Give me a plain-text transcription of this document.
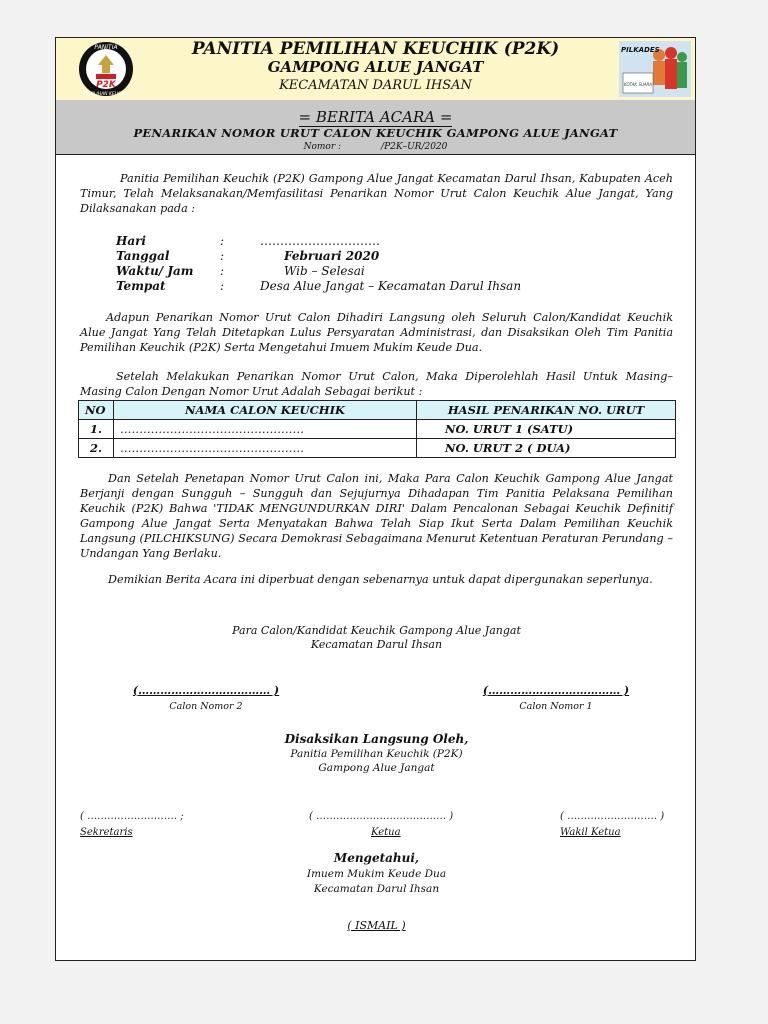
P2K
PANITIA
PEMILIHAN KEUCHIK
PANITIA PEMILIHAN KEUCHIK (P2K)
GAMPONG ALUE JANGAT
KECAMATAN DARUL IHSAN
PILKADES
KOTAK SUARA
= BERITA ACARA =
PENARIKAN NOMOR URUT CALON KEUCHIK GAMPONG ALUE JANGAT
Nomor :	/P2K–UR/2020
Panitia Pemilihan Keuchik (P2K) Gampong Alue Jangat Kecamatan Darul Ihsan, Kabupaten Aceh Timur, Telah Melaksanakan/Memfasilitasi Penarikan Nomor Urut Calon Keuchik Alue Jangat, Yang Dilaksanakan pada :
Hari	:	…………………………
Tanggal	:	Februari 2020
Waktu/ Jam :	Wib – Selesai
Tempat	:	Desa Alue Jangat – Kecamatan Darul Ihsan
Adapun Penarikan Nomor Urut Calon Dihadiri Langsung oleh Seluruh Calon/Kandidat Keuchik Alue Jangat Yang Telah Ditetapkan Lulus Persyaratan Administrasi, dan Disaksikan Oleh Tim Panitia Pemilihan Keuchik (P2K) Serta Mengetahui Imuem Mukim Keude Dua.
Setelah Melakukan Penarikan Nomor Urut Calon, Maka Diperolehlah Hasil Untuk Masing–Masing Calon Dengan Nomor Urut Adalah Sebagai berikut :
NO	NAMA CALON KEUCHIK	HASIL PENARIKAN NO. URUT
1.	…………………………………………	NO. URUT 1 (SATU)
2.	…………………………………………	NO. URUT 2 ( DUA)
Dan Setelah Penetapan Nomor Urut Calon ini, Maka Para Calon Keuchik Gampong Alue Jangat Berjanji dengan Sungguh – Sungguh dan Sejujurnya Dihadapan Tim Panitia Pelaksana Pemilihan Keuchik (P2K) Bahwa 'TIDAK MENGUNDURKAN DIRI' Dalam Pencalonan Sebagai Keuchik Definitif Gampong Alue Jangat Serta Menyatakan Bahwa Telah Siap Ikut Serta Dalam Pemilihan Keuchik Langsung (PILCHIKSUNG) Secara Demokrasi Sebagaimana Menurut Ketentuan Peraturan Perundang – Undangan Yang Berlaku.
Demikian Berita Acara ini diperbuat dengan sebenarnya untuk dapat dipergunakan seperlunya.
Para Calon/Kandidat Keuchik Gampong Alue Jangat
Kecamatan Darul Ihsan
(……………………………… )
Calon Nomor 2
(……………………………… )
Calon Nomor 1
Disaksikan Langsung Oleh,
Panitia Pemilihan Keuchik (P2K)
Gampong Alue Jangat
( ……………………… ;
Sekretaris
( ………………………………… )
Ketua
( ……………………… )
Wakil Ketua
Mengetahui,
Imuem Mukim Keude Dua
Kecamatan Darul Ihsan
( ISMAIL )
